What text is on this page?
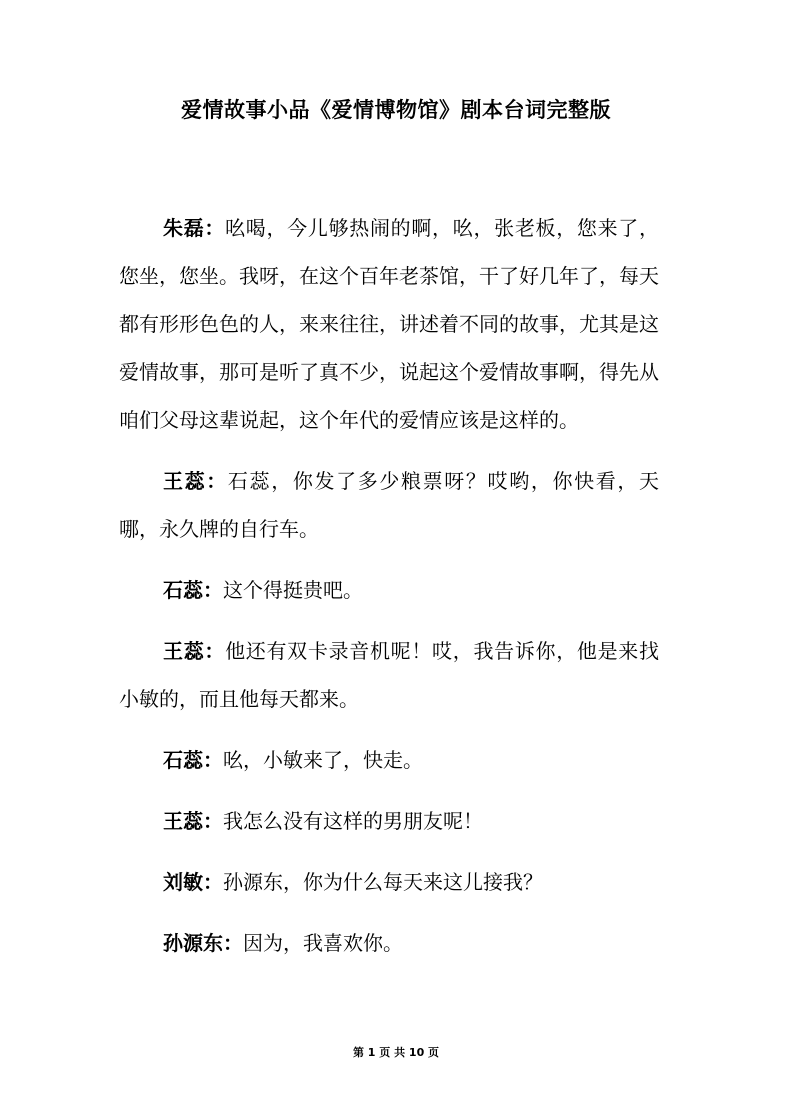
爱情故事小品《爱情博物馆》剧本台词完整版

朱磊：吆喝，今儿够热闹的啊，吆，张老板，您来了，您坐，您坐。我呀，在这个百年老茶馆，干了好几年了，每天都有形形色色的人，来来往往，讲述着不同的故事，尤其是这爱情故事，那可是听了真不少，说起这个爱情故事啊，得先从咱们父母这辈说起，这个年代的爱情应该是这样的。

王蕊：石蕊，你发了多少粮票呀？哎哟，你快看，天哪，永久牌的自行车。

石蕊：这个得挺贵吧。

王蕊：他还有双卡录音机呢！哎，我告诉你，他是来找小敏的，而且他每天都来。

石蕊：吆，小敏来了，快走。

王蕊：我怎么没有这样的男朋友呢！

刘敏：孙源东，你为什么每天来这儿接我？

孙源东：因为，我喜欢你。

第 1 页 共 10 页
